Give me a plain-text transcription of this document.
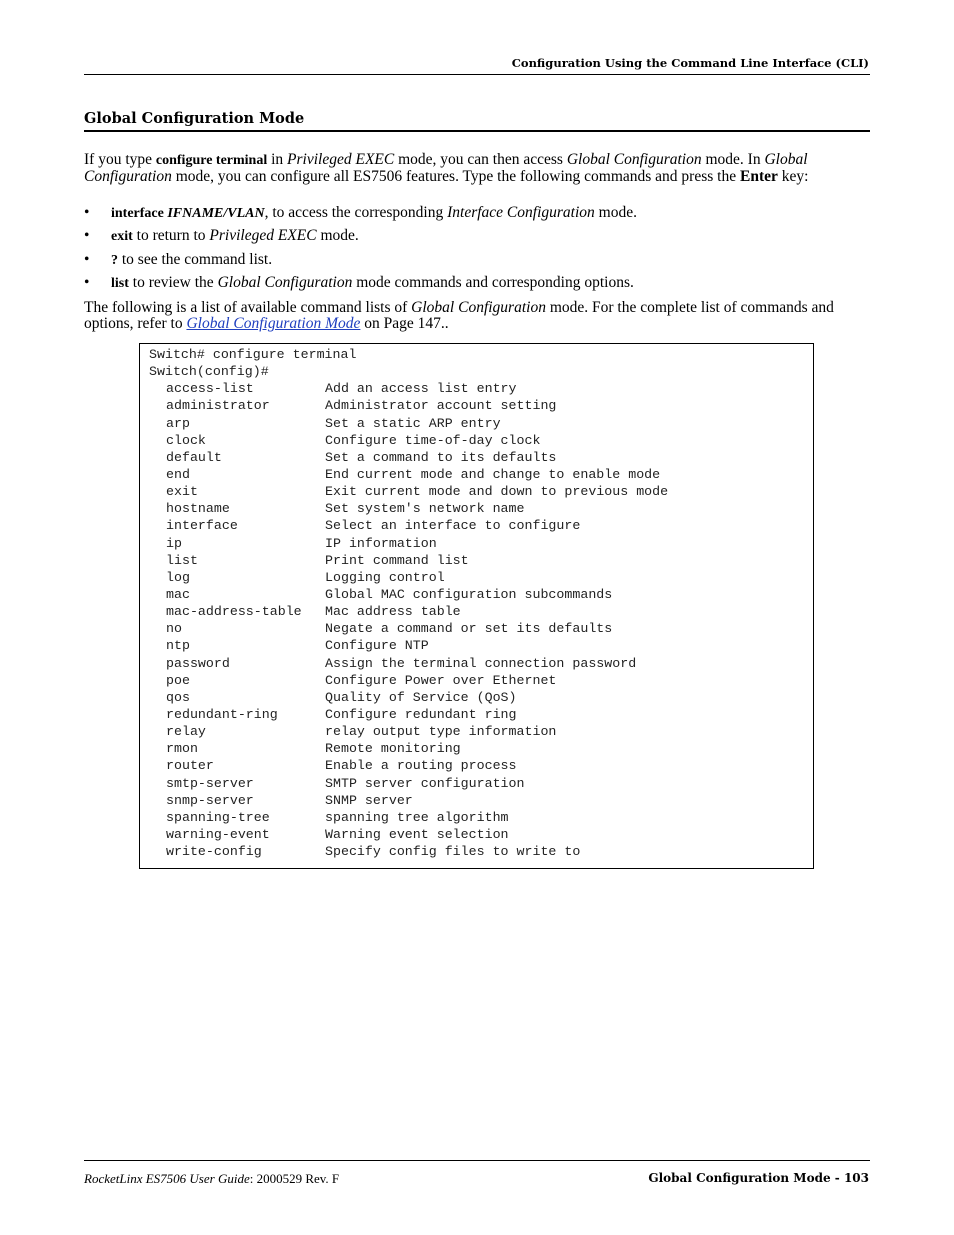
Configuration Using the Command Line Interface (CLI)
Global Configuration Mode
If you type configure terminal in Privileged EXEC mode, you can then access Global Configuration mode. In Global Configuration mode, you can configure all ES7506 features. Type the following commands and press the Enter key:
• interface IFNAME/VLAN, to access the corresponding Interface Configuration mode.
• exit to return to Privileged EXEC mode.
• ? to see the command list.
• list to review the Global Configuration mode commands and corresponding options.
The following is a list of available command lists of Global Configuration mode. For the complete list of commands and options, refer to Global Configuration Mode on Page 147..
Switch# configure terminal
Switch(config)#
access-list	Add an access list entry
administrator	Administrator account setting
arp	Set a static ARP entry
clock	Configure time-of-day clock
default	Set a command to its defaults
end	End current mode and change to enable mode
exit	Exit current mode and down to previous mode
hostname	Set system's network name
interface	Select an interface to configure
ip	IP information
list	Print command list
log	Logging control
mac	Global MAC configuration subcommands
mac-address-table	Mac address table
no	Negate a command or set its defaults
ntp	Configure NTP
password	Assign the terminal connection password
poe	Configure Power over Ethernet
qos	Quality of Service (QoS)
redundant-ring	Configure redundant ring
relay	relay output type information
rmon	Remote monitoring
router	Enable a routing process
smtp-server	SMTP server configuration
snmp-server	SNMP server
spanning-tree	spanning tree algorithm
warning-event	Warning event selection
write-config	Specify config files to write to
RocketLinx ES7506 User Guide: 2000529 Rev. F	Global Configuration Mode - 103
